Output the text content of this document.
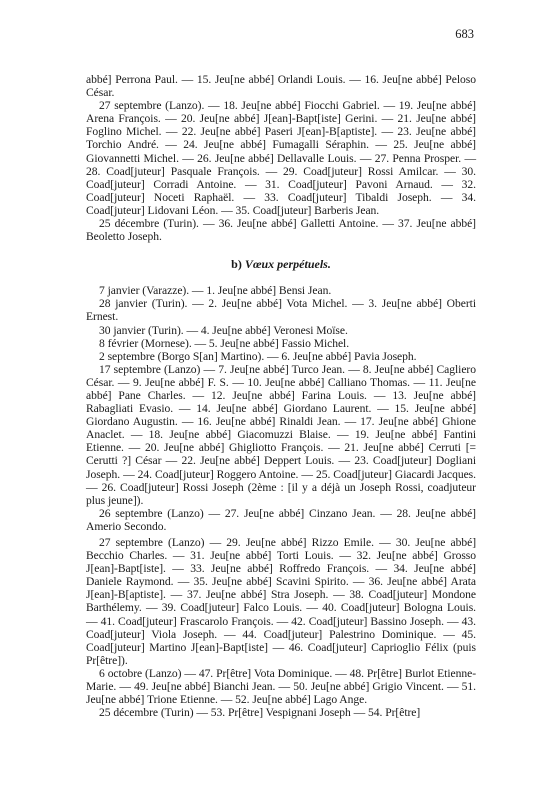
683

abbé] Perrona Paul. — 15. Jeu[ne abbé] Orlandi Louis. — 16. Jeu[ne abbé] Peloso César.

27 septembre (Lanzo). — 18. Jeu[ne abbé] Fiocchi Gabriel. — 19. Jeu[ne abbé] Arena François. — 20. Jeu[ne abbé] J[ean]-Bapt[iste] Gerini. — 21. Jeu[ne abbé] Foglino Michel. — 22. Jeu[ne abbé] Paseri J[ean]-B[aptiste]. — 23. Jeu[ne abbé] Torchio André. — 24. Jeu[ne abbé] Fumagalli Séraphin. — 25. Jeu[ne abbé] Giovannetti Michel. — 26. Jeu[ne abbé] Dellavalle Louis. — 27. Penna Prosper. — 28. Coad[juteur] Pasquale François. — 29. Coad[juteur] Rossi Amilcar. — 30. Coad[juteur] Corradi Antoine. — 31. Coad[juteur] Pavoni Arnaud. — 32. Coad[juteur] Noceti Raphaël. — 33. Coad[juteur] Tibaldi Joseph. — 34. Coad[juteur] Lidovani Léon. — 35. Coad[juteur] Barberis Jean.

25 décembre (Turin). — 36. Jeu[ne abbé] Galletti Antoine. — 37. Jeu[ne abbé] Beoletto Joseph.

b) Vœux perpétuels.

7 janvier (Varazze). — 1. Jeu[ne abbé] Bensi Jean.

28 janvier (Turin). — 2. Jeu[ne abbé] Vota Michel. — 3. Jeu[ne abbé] Oberti Ernest.

30 janvier (Turin). — 4. Jeu[ne abbé] Veronesi Moïse.

8 février (Mornese). — 5. Jeu[ne abbé] Fassio Michel.

2 septembre (Borgo S[an] Martino). — 6. Jeu[ne abbé] Pavia Joseph.

17 septembre (Lanzo) — 7. Jeu[ne abbé] Turco Jean. — 8. Jeu[ne abbé] Cagliero César. — 9. Jeu[ne abbé] F. S. — 10. Jeu[ne abbé] Calliano Thomas. — 11. Jeu[ne abbé] Pane Charles. — 12. Jeu[ne abbé] Farina Louis. — 13. Jeu[ne abbé] Rabagliati Evasio. — 14. Jeu[ne abbé] Giordano Laurent. — 15. Jeu[ne abbé] Giordano Augustin. — 16. Jeu[ne abbé] Rinaldi Jean. — 17. Jeu[ne abbé] Ghione Anaclet. — 18. Jeu[ne abbé] Giacomuzzi Blaise. — 19. Jeu[ne abbé] Fantini Etienne. — 20. Jeu[ne abbé] Ghigliotto François. — 21. Jeu[ne abbé] Cerruti [= Cerutti ?] César — 22. Jeu[ne abbé] Deppert Louis. — 23. Coad[juteur] Dogliani Joseph. — 24. Coad[juteur] Roggero Antoine. — 25. Coad[juteur] Giacardi Jacques. — 26. Coad[juteur] Rossi Joseph (2ème : [il y a déjà un Joseph Rossi, coadjuteur plus jeune]).

26 septembre (Lanzo) — 27. Jeu[ne abbé] Cinzano Jean. — 28. Jeu[ne abbé] Amerio Secondo.

27 septembre (Lanzo) — 29. Jeu[ne abbé] Rizzo Emile. — 30. Jeu[ne abbé] Becchio Charles. — 31. Jeu[ne abbé] Torti Louis. — 32. Jeu[ne abbé] Grosso J[ean]-Bapt[iste]. — 33. Jeu[ne abbé] Roffredo François. — 34. Jeu[ne abbé] Daniele Raymond. — 35. Jeu[ne abbé] Scavini Spirito. — 36. Jeu[ne abbé] Arata J[ean]-B[aptiste]. — 37. Jeu[ne abbé] Stra Joseph. — 38. Coad[juteur] Mondone Barthélemy. — 39. Coad[juteur] Falco Louis. — 40. Coad[juteur] Bologna Louis. — 41. Coad[juteur] Frascarolo François. — 42. Coad[juteur] Bassino Joseph. — 43. Coad[juteur] Viola Joseph. — 44. Coad[juteur] Palestrino Dominique. — 45. Coad[juteur] Martino J[ean]-Bapt[iste] — 46. Coad[juteur] Caprioglio Félix (puis Pr[être]).

6 octobre (Lanzo) — 47. Pr[être] Vota Dominique. — 48. Pr[être] Burlot Etienne-Marie. — 49. Jeu[ne abbé] Bianchi Jean. — 50. Jeu[ne abbé] Grigio Vincent. — 51. Jeu[ne abbé] Trione Etienne. — 52. Jeu[ne abbé] Lago Ange.

25 décembre (Turin) — 53. Pr[être] Vespignani Joseph — 54. Pr[être]
